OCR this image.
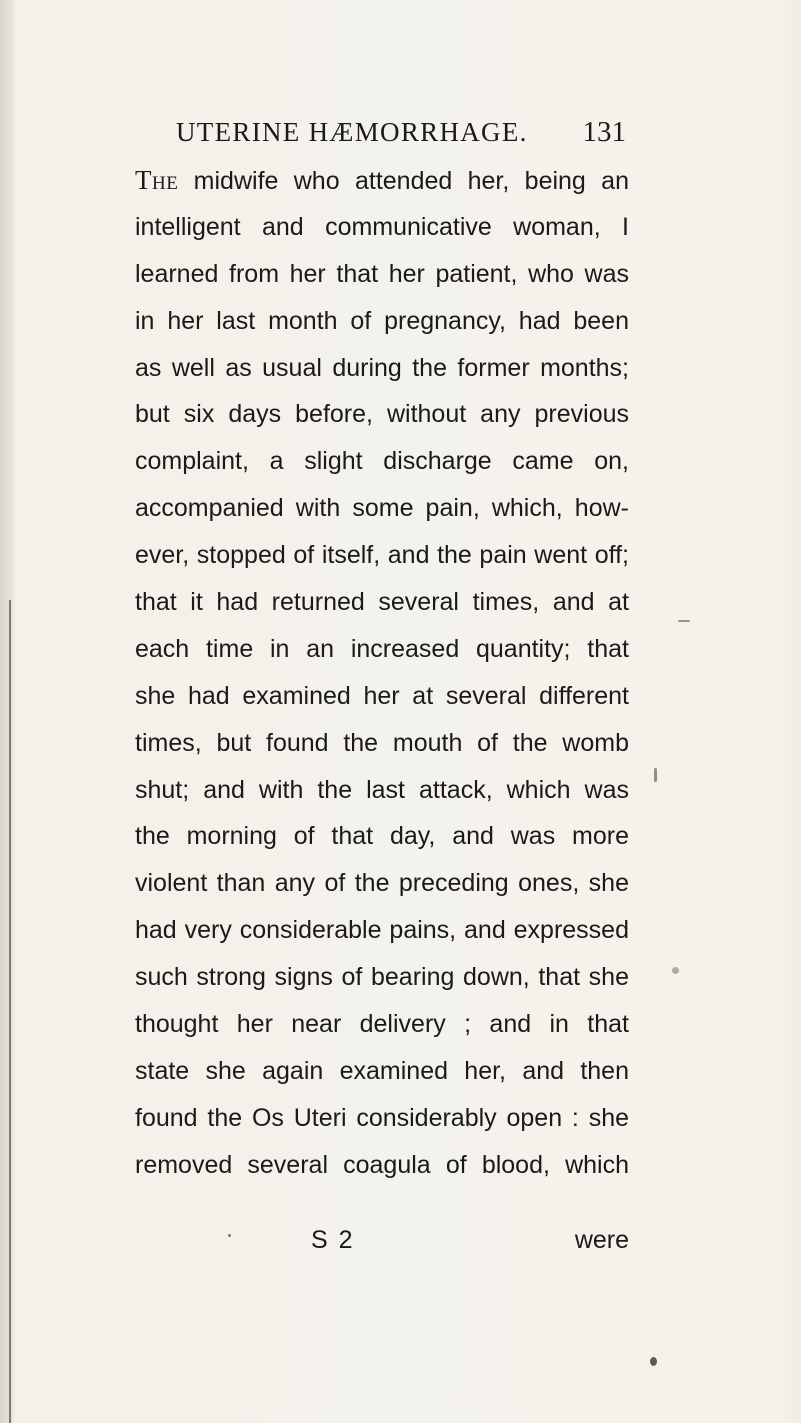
UTERINE HÆMORRHAGE. 131
The midwife who attended her, being an
intelligent and communicative woman, I
learned from her that her patient, who was
in her last month of pregnancy, had been
as well as usual during the former months;
but six days before, without any previous
complaint, a slight discharge came on,
accompanied with some pain, which, how-
ever, stopped of itself, and the pain went off;
that it had returned several times, and at
each time in an increased quantity; that
she had examined her at several different
times, but found the mouth of the womb
shut; and with the last attack, which was
the morning of that day, and was more
violent than any of the preceding ones, she
had very considerable pains, and expressed
such strong signs of bearing down, that she
thought her near delivery ; and in that
state she again examined her, and then
found the Os Uteri considerably open : she
removed several coagula of blood, which
S 2	were
